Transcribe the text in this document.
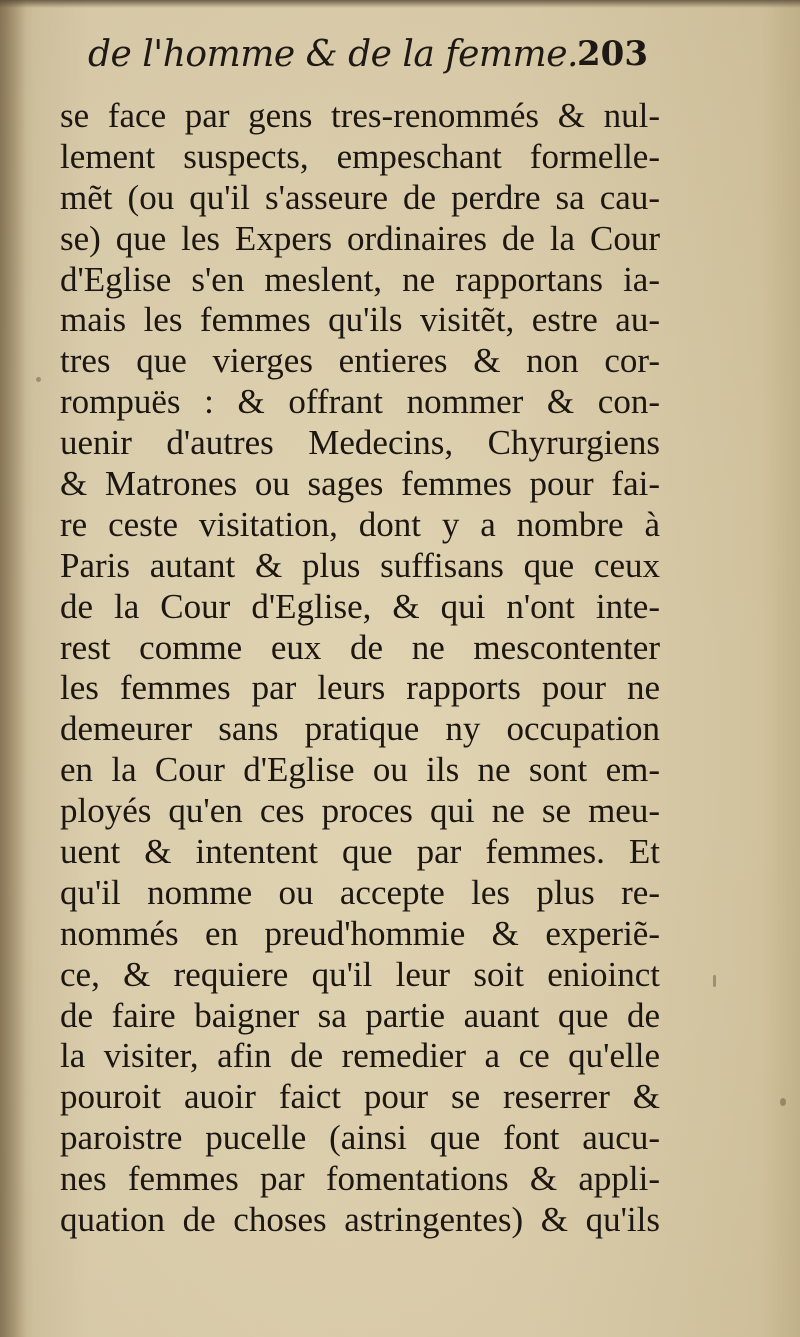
de l'homme & de la femme. 203
se face par gens tres-renommés & nul-
lement suspects, empeschant formelle-
mẽt (ou qu'il s'asseure de perdre sa cau-
se) que les Expers ordinaires de la Cour
d'Eglise s'en meslent, ne rapportans ia-
mais les femmes qu'ils visitẽt, estre au-
tres que vierges entieres & non cor-
rompuës : & offrant nommer & con-
uenir d'autres Medecins, Chyrurgiens
& Matrones ou sages femmes pour fai-
re ceste visitation, dont y a nombre à
Paris autant & plus suffisans que ceux
de la Cour d'Eglise, & qui n'ont inte-
rest comme eux de ne mescontenter
les femmes par leurs rapports pour ne
demeurer sans pratique ny occupation
en la Cour d'Eglise ou ils ne sont em-
ployés qu'en ces proces qui ne se meu-
uent & intentent que par femmes. Et
qu'il nomme ou accepte les plus re-
nommés en preud'hommie & experiẽ-
ce, & requiere qu'il leur soit enioinct
de faire baigner sa partie auant que de
la visiter, afin de remedier a ce qu'elle
pouroit auoir faict pour se reserrer &
paroistre pucelle (ainsi que font aucu-
nes femmes par fomentations & appli-
quation de choses astringentes) & qu'ils
